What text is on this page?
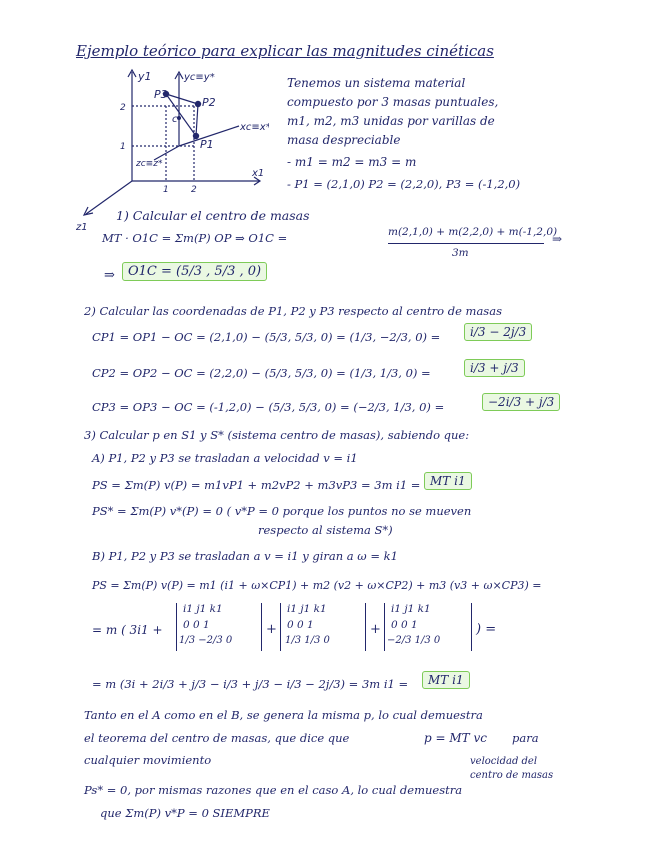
Ejemplo teórico para explicar las magnitudes cinéticas
y1	yc≡y*
xc≡x*
x1
z1
zc≡z*
P3
P2
P1
c
2
1
1 2
Tenemos un sistema material
compuesto por 3 masas puntuales,
m1, m2, m3 unidas por varillas de
masa despreciable
- m1 = m2 = m3 = m
- P1 = (2,1,0) P2 = (2,2,0), P3 = (-1,2,0)
1) Calcular el centro de masas
MT · O1C = Σm(P) OP ⇒ O1C =	m(2,1,0) + m(2,2,0) + m(-1,2,0)
⇒
3m
⇒	O1C = (5/3 , 5/3 , 0)
2) Calcular las coordenadas de P1, P2 y P3 respecto al centro de masas
CP1 = OP1 − OC = (2,1,0) − (5/3, 5/3, 0) = (1/3, −2/3, 0) =	i/3 − 2j/3
CP2 = OP2 − OC = (2,2,0) − (5/3, 5/3, 0) = (1/3, 1/3, 0) =	i/3 + j/3
CP3 = OP3 − OC = (-1,2,0) − (5/3, 5/3, 0) = (−2/3, 1/3, 0) =	−2i/3 + j/3
3) Calcular p en S1 y S* (sistema centro de masas), sabiendo que:
A) P1, P2 y P3 se trasladan a velocidad v = i1
PS = Σm(P) v(P) = m1vP1 + m2vP2 + m3vP3 = 3m i1 = MT i1
PS* = Σm(P) v*(P) = 0 ( v*P = 0 porque los puntos no se mueven
respecto al sistema S*)
B) P1, P2 y P3 se trasladan a v = i1 y giran a ω = k1
PS = Σm(P) v(P) = m1 (i1 + ω×CP1) + m2 (v2 + ω×CP2) + m3 (v3 + ω×CP3) =
= m ( 3i1 +
i1 j1 k1
0 0 1
1/3 −2/3 0
+
i1 j1 k1
0 0 1
1/3 1/3 0
+
i1 j1 k1
0 0 1
−2/3 1/3 0
) =
= m (3i + 2i/3 + j/3 − i/3 + j/3 − i/3 − 2j/3) = 3m i1 =	MT i1
Tanto en el A como en el B, se genera la misma p, lo cual demuestra
el teorema del centro de masas, que dice que	p = MT vc para
cualquier movimiento	velocidad del
centro de masas
Ps* = 0, por mismas razones que en el caso A, lo cual demuestra
que Σm(P) v*P = 0 SIEMPRE
